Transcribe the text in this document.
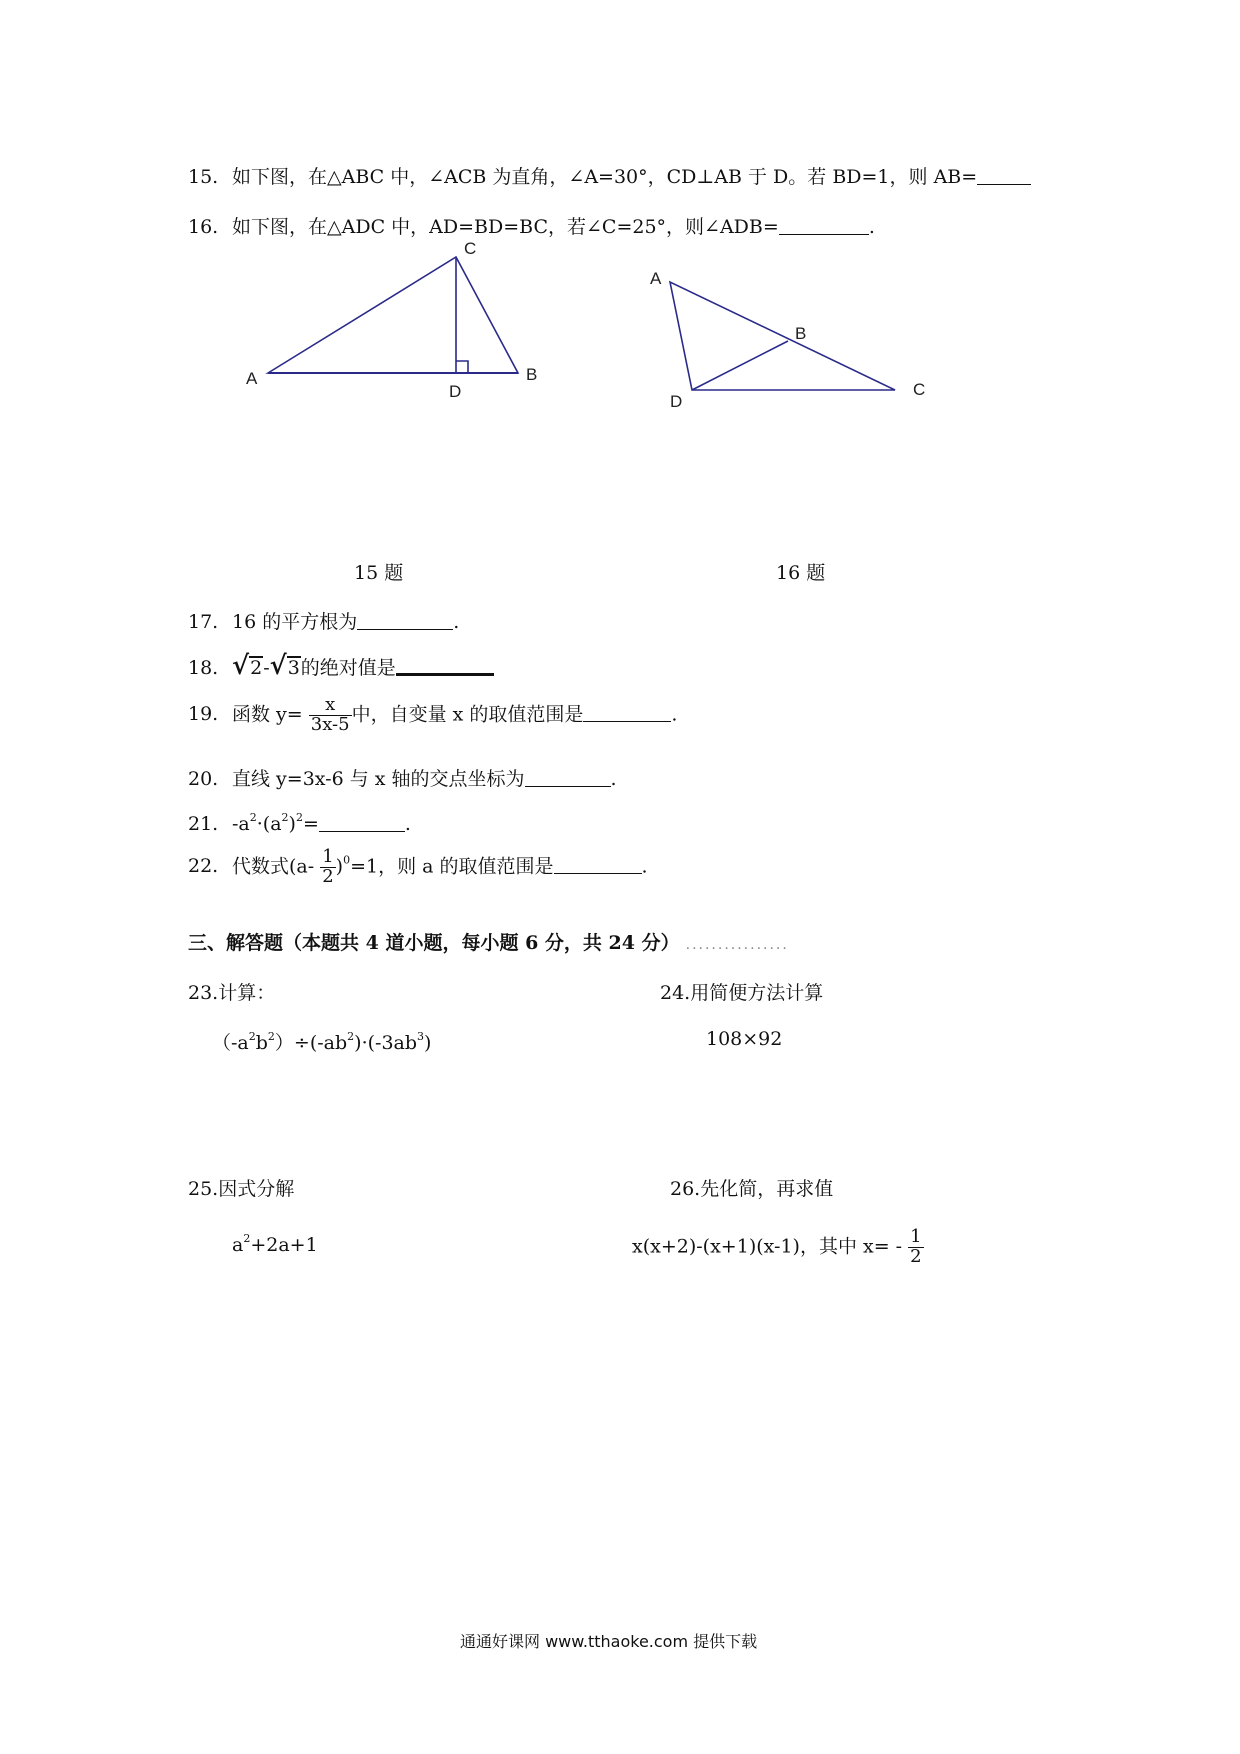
15. 如下图，在△ABC 中，∠ACB 为直角，∠A=30°，CD⊥AB 于 D。若 BD=1，则 AB=
16. 如下图，在△ADC 中，AD=BD=BC，若∠C=25°，则∠ADB=	.
A
C
D
B
A
B
D
C
15 题	16 题
17. 16 的平方根为	.
18. √ 2 - √ 3 的绝对值是
19. 函数 $y= \frac{x}{3x-5}$ 中，自变量 x 的取值范围是	.
20. 直线 y=3x-6 与 x 轴的交点坐标为	.
21. $-a^2\cdot(a^2)^2=$	.
22. 代数式$(a- \frac{1}{2} )^0=1$，则 a 的取值范围是	.
三、解答题（本题共 4 道小题，每小题 6 分，共 24 分） ................
23.计算：
$(-a^2b^2)\div(-ab^2)\cdot(-3ab^3)$
24.用简便方法计算
108×92
25.因式分解
$a^2+2a+1$
26.先化简，再求值
x(x+2)-(x+1)(x-1)，其中 $x= - \frac{1}{2}$
通通好课网 www.tthaoke.com 提供下载
